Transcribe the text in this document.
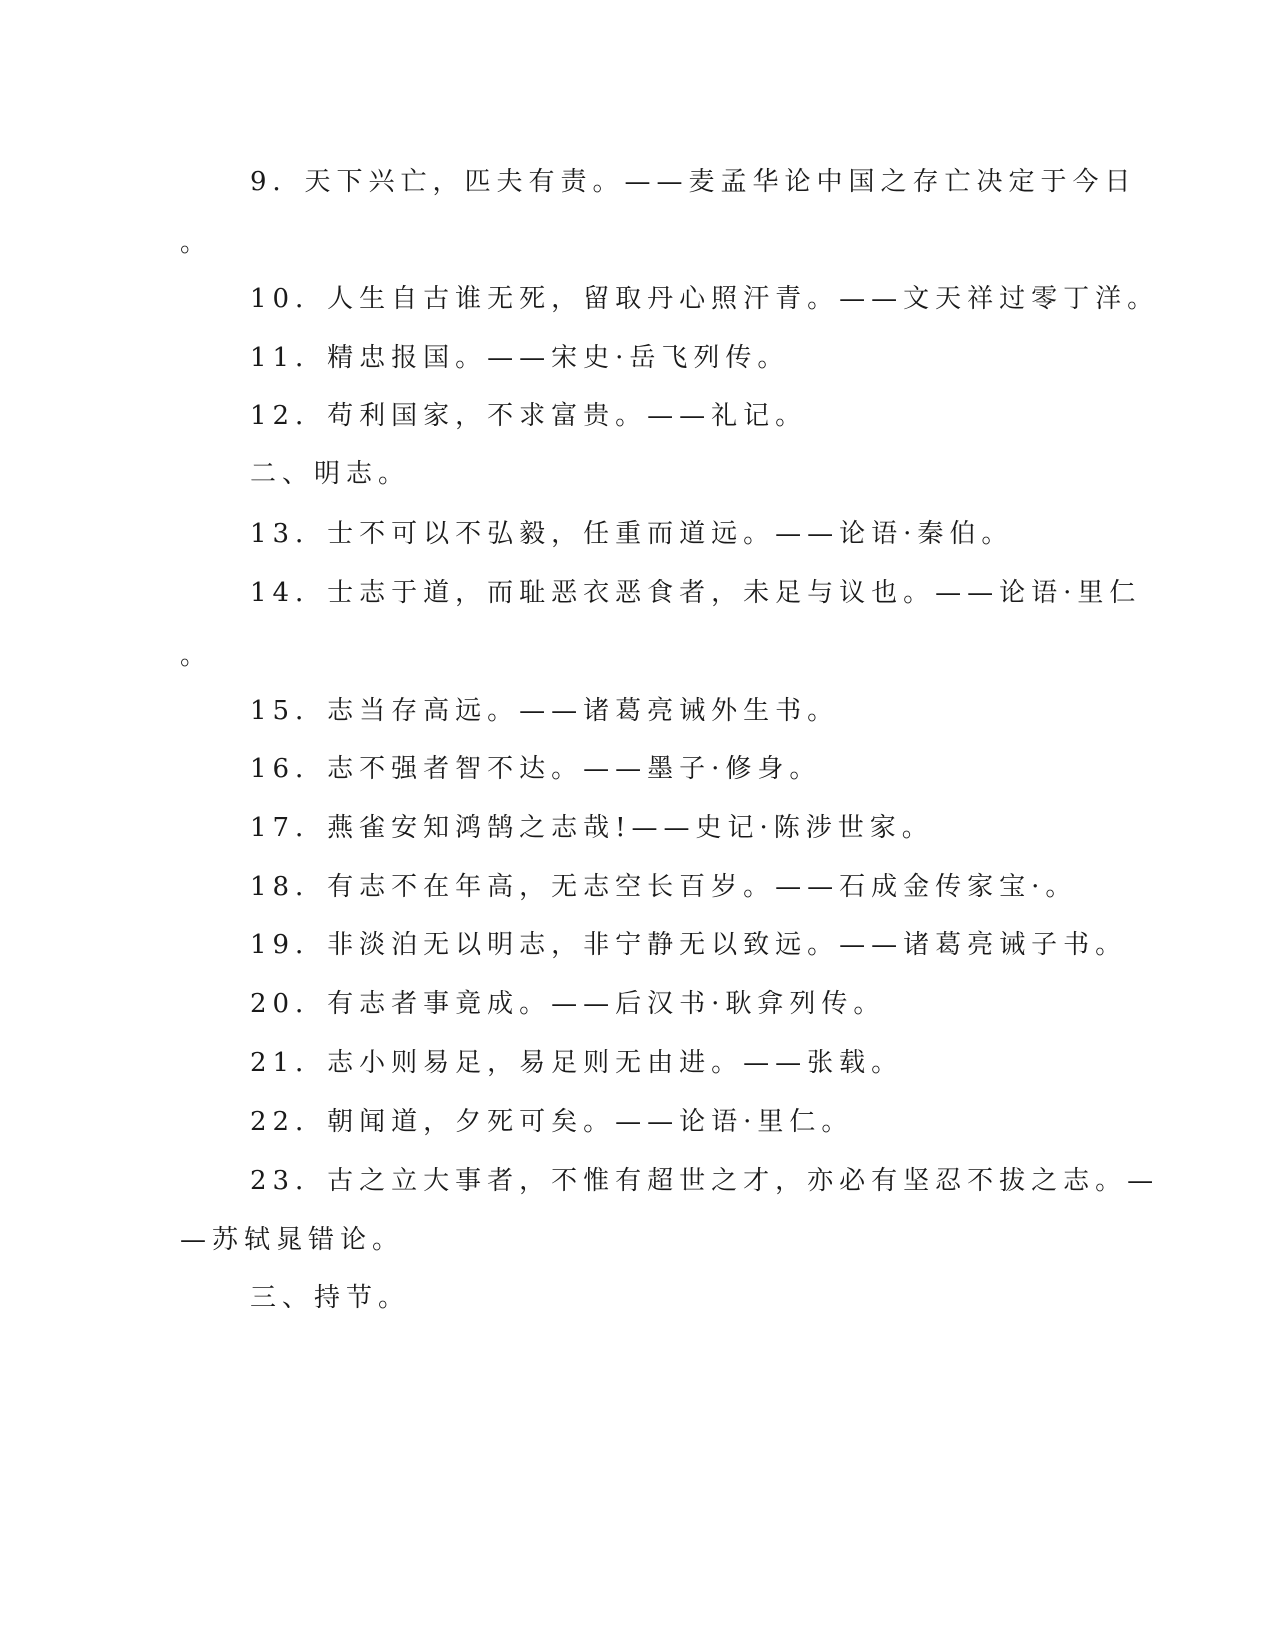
9．天下兴亡，匹夫有责。——麦孟华论中国之存亡决定于今日

。

10．人生自古谁无死，留取丹心照汗青。——文天祥过零丁洋。

11．精忠报国。——宋史·岳飞列传。

12．苟利国家，不求富贵。——礼记。

二、明志。

13．士不可以不弘毅，任重而道远。——论语·秦伯。

14．士志于道，而耻恶衣恶食者，未足与议也。——论语·里仁

。

15．志当存高远。——诸葛亮诫外生书。

16．志不强者智不达。——墨子·修身。

17．燕雀安知鸿鹄之志哉!——史记·陈涉世家。

18．有志不在年高，无志空长百岁。——石成金传家宝·。

19．非淡泊无以明志，非宁静无以致远。——诸葛亮诫子书。

20．有志者事竟成。——后汉书·耿弇列传。

21．志小则易足，易足则无由进。——张载。

22．朝闻道，夕死可矣。——论语·里仁。

23．古之立大事者，不惟有超世之才，亦必有坚忍不拔之志。—

—苏轼晁错论。

三、持节。
